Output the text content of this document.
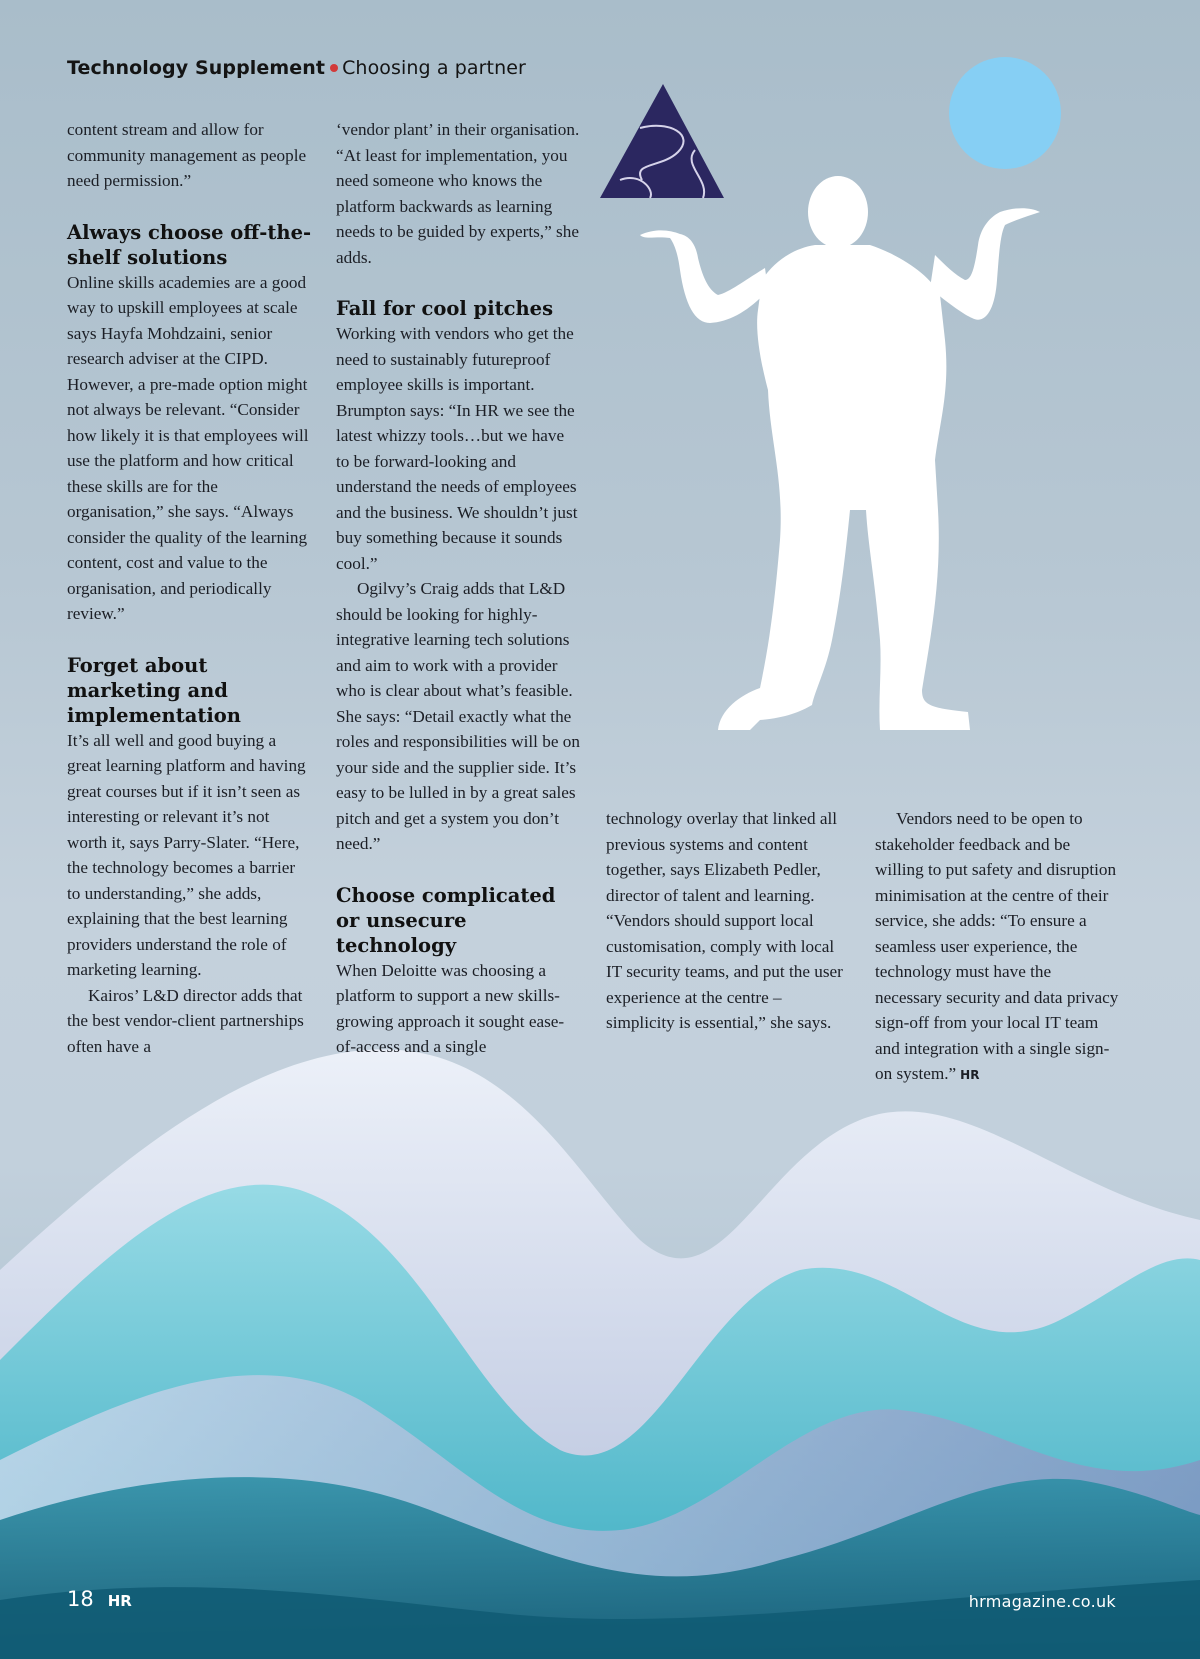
Technology Supplement Choosing a partner

content stream and allow for community management as people need permission.”

Always choose off-the-shelf solutions

Online skills academies are a good way to upskill employees at scale says Hayfa Mohdzaini, senior research adviser at the CIPD. However, a pre-made option might not always be relevant. “Consider how likely it is that employees will use the platform and how critical these skills are for the organisation,” she says. “Always consider the quality of the learning content, cost and value to the organisation, and periodically review.”

Forget about marketing and implementation

It’s all well and good buying a great learning platform and having great courses but if it isn’t seen as interesting or relevant it’s not worth it, says Parry-Slater. “Here, the technology becomes a barrier to understanding,” she adds, explaining that the best learning providers understand the role of marketing learning.

Kairos’ L&D director adds that the best vendor-client partnerships often have a

‘vendor plant’ in their organisation. “At least for implementation, you need someone who knows the platform backwards as learning needs to be guided by experts,” she adds.

Fall for cool pitches

Working with vendors who get the need to sustainably futureproof employee skills is important. Brumpton says: “In HR we see the latest whizzy tools…but we have to be forward-looking and understand the needs of employees and the business. We shouldn’t just buy something because it sounds cool.”

Ogilvy’s Craig adds that L&D should be looking for highly-integrative learning tech solutions and aim to work with a provider who is clear about what’s feasible. She says: “Detail exactly what the roles and responsibilities will be on your side and the supplier side. It’s easy to be lulled in by a great sales pitch and get a system you don’t need.”

Choose complicated or unsecure technology

When Deloitte was choosing a platform to support a new skills-growing approach it sought ease-of-access and a single

technology overlay that linked all previous systems and content together, says Elizabeth Pedler, director of talent and learning. “Vendors should support local customisation, comply with local IT security teams, and put the user experience at the centre – simplicity is essential,” she says.

Vendors need to be open to stakeholder feedback and be willing to put safety and disruption minimisation at the centre of their service, she adds: “To ensure a seamless user experience, the technology must have the necessary security and data privacy sign-off from your local IT team and integration with a single sign-on system.” HR

18 HR	hrmagazine.co.uk
